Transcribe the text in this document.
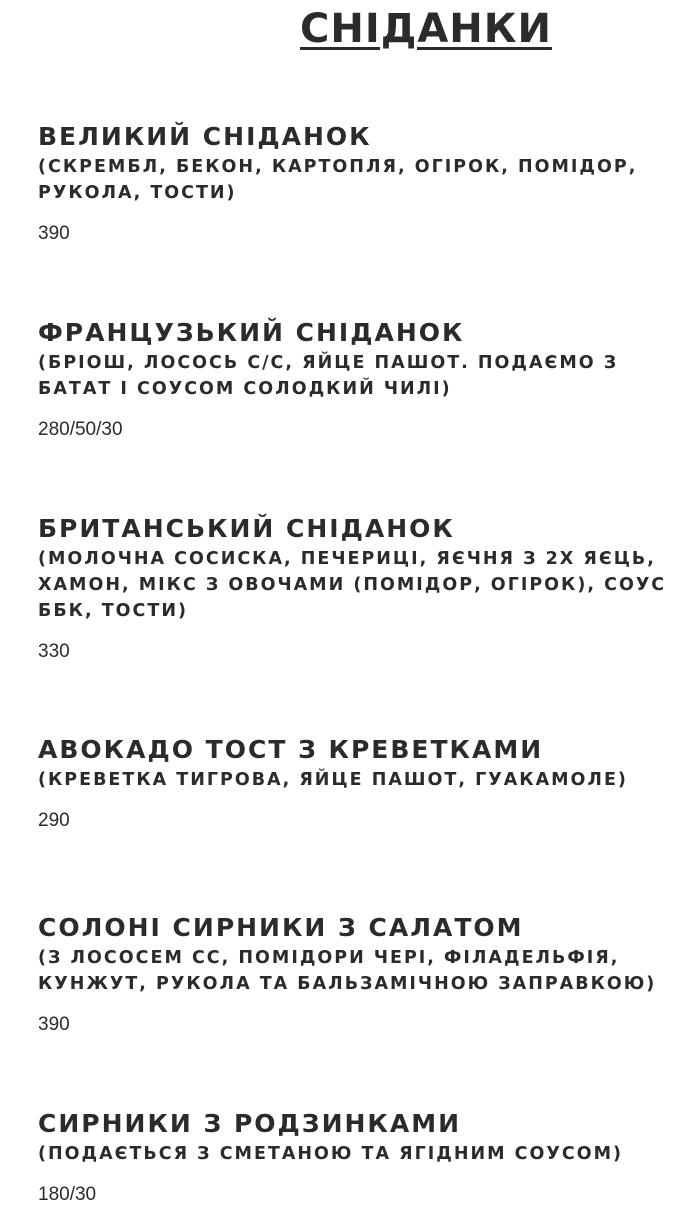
СНІДАНКИ
ВЕЛИКИЙ СНІДАНОК

(СКРЕМБЛ, БЕКОН, КАРТОПЛЯ, ОГІРОК, ПОМІДОР, РУКОЛА, ТОСТИ)

390

ФРАНЦУЗЬКИЙ СНІДАНОК

(БРІОШ, ЛОСОСЬ С/С, ЯЙЦЕ ПАШОТ. ПОДАЄМО З БАТАТ І СОУСОМ СОЛОДКИЙ ЧИЛІ)

280/50/30

БРИТАНСЬКИЙ СНІДАНОК

(МОЛОЧНА СОСИСКА, ПЕЧЕРИЦІ, ЯЄЧНЯ З 2Х ЯЄЦЬ, ХАМОН, МІКС З ОВОЧАМИ (ПОМІДОР, ОГІРОК), СОУС ББК, ТОСТИ)

330

АВОКАДО ТОСТ З КРЕВЕТКАМИ

(КРЕВЕТКА ТИГРОВА, ЯЙЦЕ ПАШОТ, ГУАКАМОЛЕ)

290

СОЛОНІ СИРНИКИ З САЛАТОМ

(З ЛОСОСЕМ СС, ПОМІДОРИ ЧЕРІ, ФІЛАДЕЛЬФІЯ, КУНЖУТ, РУКОЛА ТА БАЛЬЗАМІЧНОЮ ЗАПРАВКОЮ)

390

СИРНИКИ З РОДЗИНКАМИ

(ПОДАЄТЬСЯ З СМЕТАНОЮ ТА ЯГІДНИМ СОУСОМ)

180/30
